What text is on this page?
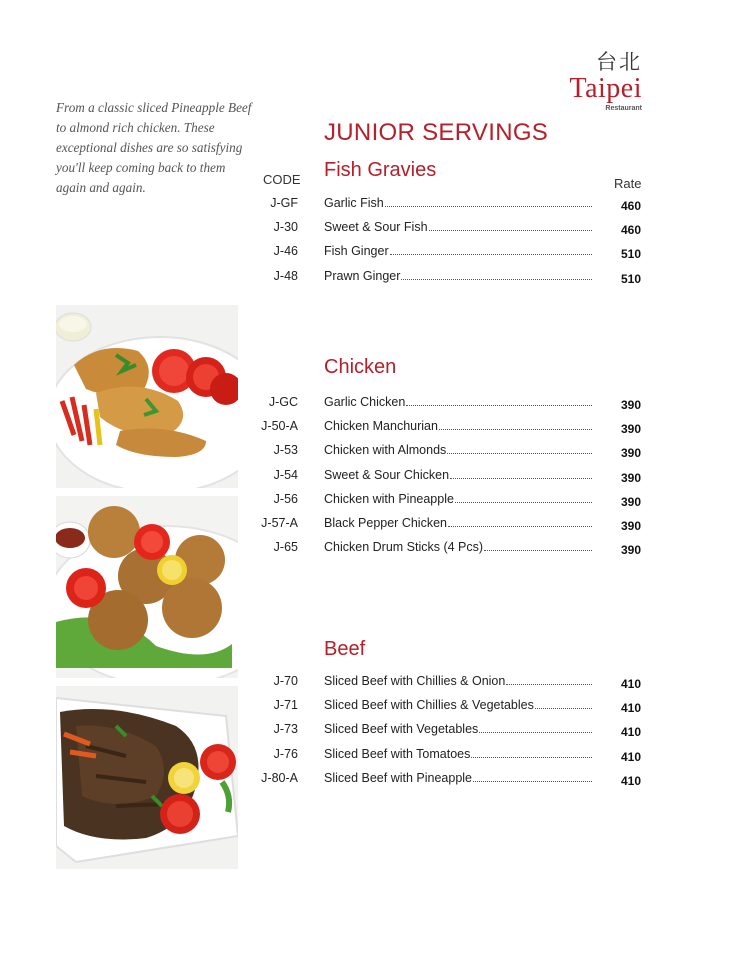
台北
Taipei
Restaurant
From a classic sliced Pineapple Beef to almond rich chicken. These exceptional dishes are so satisfying you'll keep coming back to them again and again.
JUNIOR SERVINGS
Fish Gravies
CODE	Rate
J-GF Garlic Fish	460
J-30 Sweet & Sour Fish	460
J-46 Fish Ginger	510
J-48 Prawn Ginger	510
Chicken
J-GC Garlic Chicken	390
J-50-A Chicken Manchurian	390
J-53 Chicken with Almonds	390
J-54 Sweet & Sour Chicken	390
J-56 Chicken with Pineapple	390
J-57-A Black Pepper Chicken	390
J-65 Chicken Drum Sticks (4 Pcs)	390
Beef
J-70 Sliced Beef with Chillies & Onion	410
J-71 Sliced Beef with Chillies & Vegetables	410
J-73 Sliced Beef with Vegetables	410
J-76 Sliced Beef with Tomatoes	410
J-80-A Sliced Beef with Pineapple	410
